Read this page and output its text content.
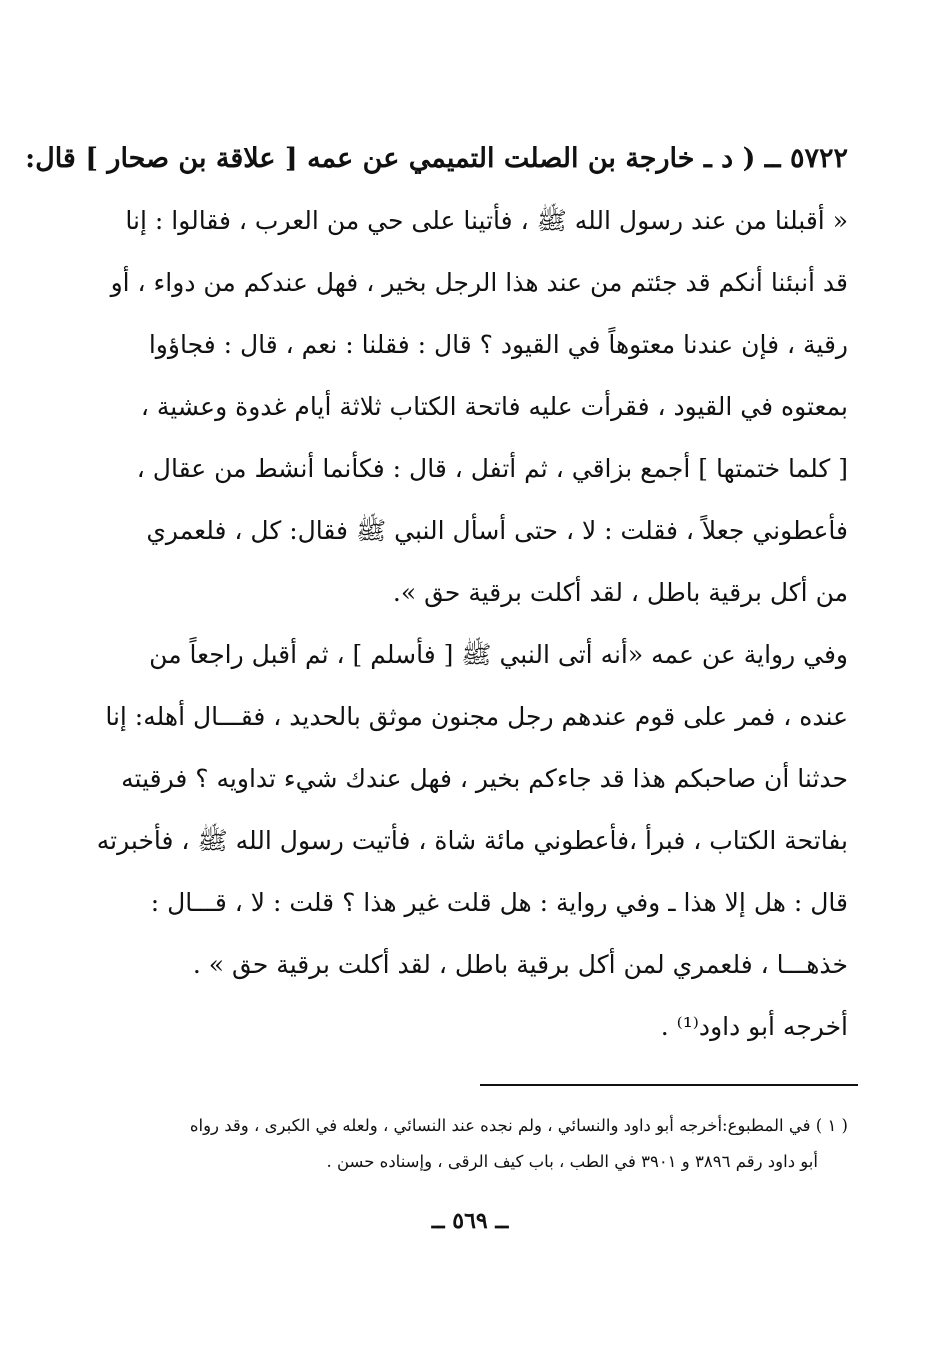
٥٧٢٢ ــ ( د ـ خارجة بن الصلت التميمي عن عمه [ علاقة بن صحار ] قال:
« أقبلنا من عند رسول الله ﷺ ، فأتينا على حي من العرب ، فقالوا : إنا
قد أنبئنا أنكم قد جئتم من عند هذا الرجل بخير ، فهل عندكم من دواء ، أو
رقية ، فإن عندنا معتوهاً في القيود ؟ قال : فقلنا : نعم ، قال : فجاؤوا
بمعتوه في القيود ، فقرأت عليه فاتحة الكتاب ثلاثة أيام غدوة وعشية ،
[ كلما ختمتها ] أجمع بزاقي ، ثم أتفل ، قال : فكأنما أنشط من عقال ،
فأعطوني جعلاً ، فقلت : لا ، حتى أسأل النبي ﷺ فقال: كل ، فلعمري
من أكل برقية باطل ، لقد أكلت برقية حق ».
وفي رواية عن عمه «أنه أتى النبي ﷺ [ فأسلم ] ، ثم أقبل راجعاً من
عنده ، فمر على قوم عندهم رجل مجنون موثق بالحديد ، فقـــال أهله: إنا
حدثنا أن صاحبكم هذا قد جاءكم بخير ، فهل عندك شيء تداويه ؟ فرقيته
بفاتحة الكتاب ، فبرأ ،فأعطوني مائة شاة ، فأتيت رسول الله ﷺ ، فأخبرته
قال : هل إلا هذا ـ وفي رواية : هل قلت غير هذا ؟ قلت : لا ، قـــال :
خذهـــا ، فلعمري لمن أكل برقية باطل ، لقد أكلت برقية حق » .
أخرجه أبو داود⁽¹⁾ .
( ١ ) في المطبوع:أخرجه أبو داود والنسائي ، ولم نجده عند النسائي ، ولعله في الكبرى ، وقد رواه
أبو داود رقم ٣٨٩٦ و ٣٩٠١ في الطب ، باب كيف الرقى ، وإسناده حسن .
ــ ٥٦٩ ــ
